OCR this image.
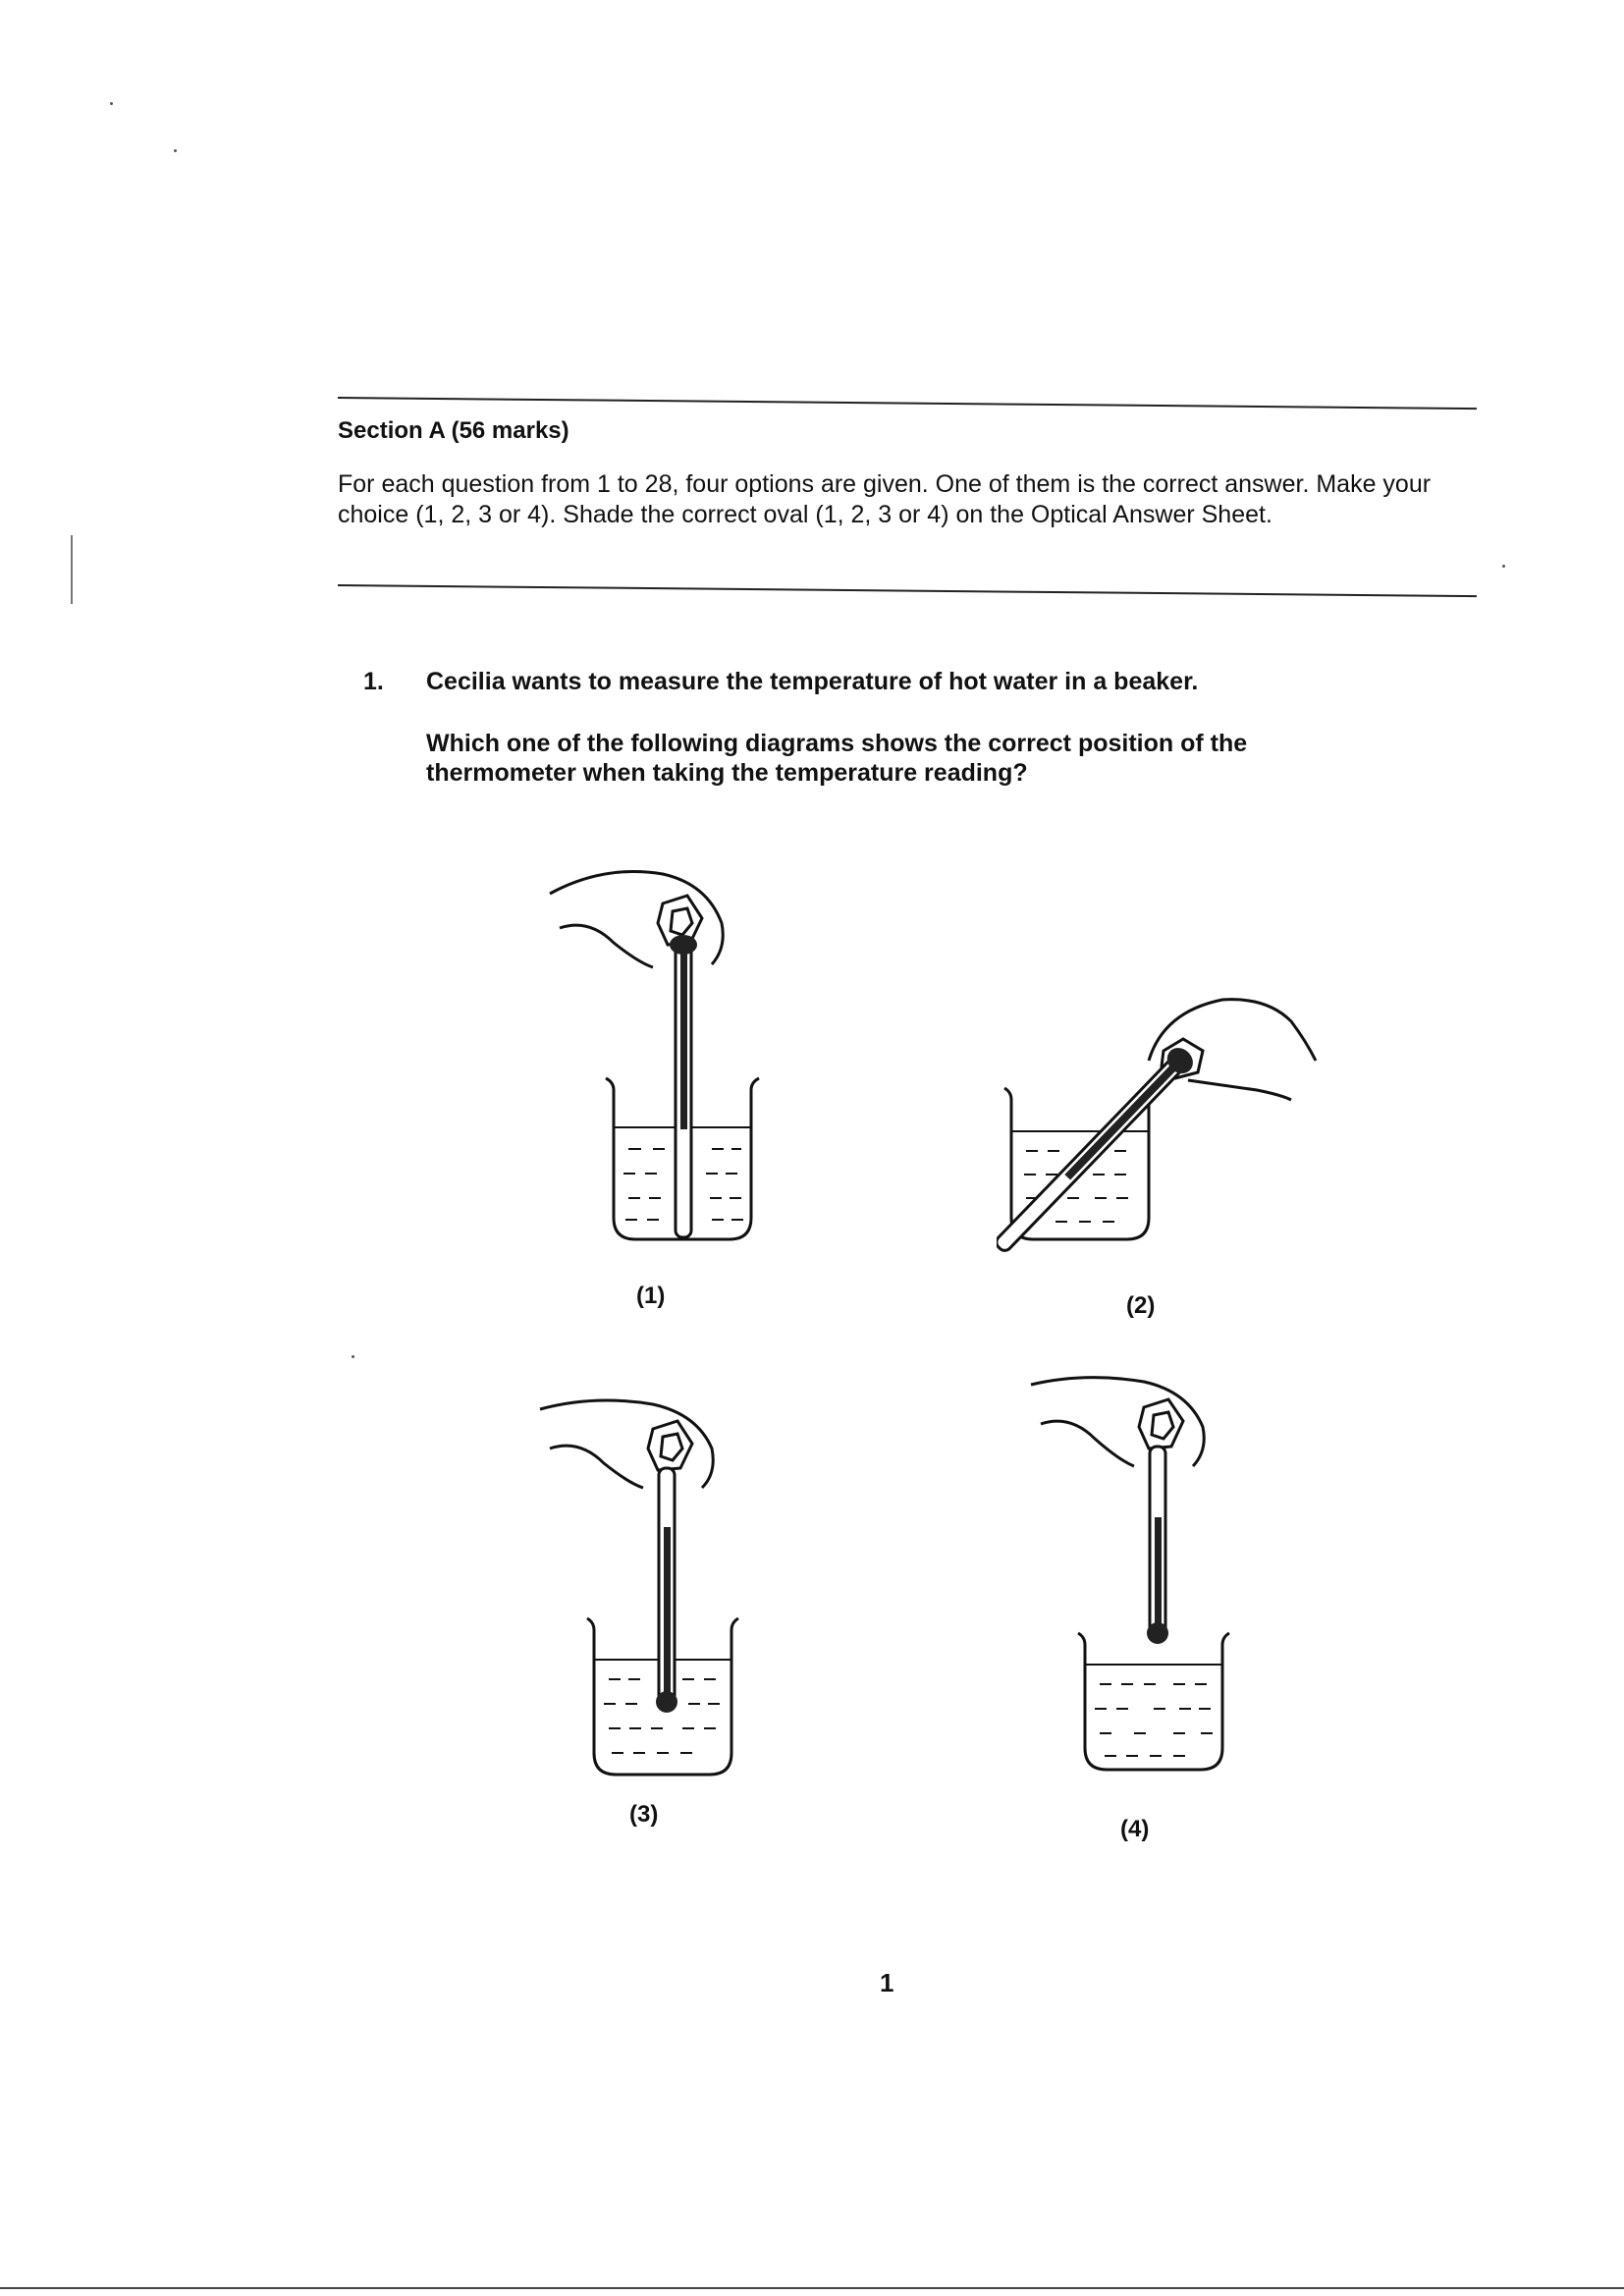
Section A (56 marks)
For each question from 1 to 28, four options are given. One of them is the correct answer. Make your choice (1, 2, 3 or 4). Shade the correct oval (1, 2, 3 or 4) on the Optical Answer Sheet.
1. Cecilia wants to measure the temperature of hot water in a beaker.
Which one of the following diagrams shows the correct position of the thermometer when taking the temperature reading?
(1)	(2)
(3)
(4)
1
